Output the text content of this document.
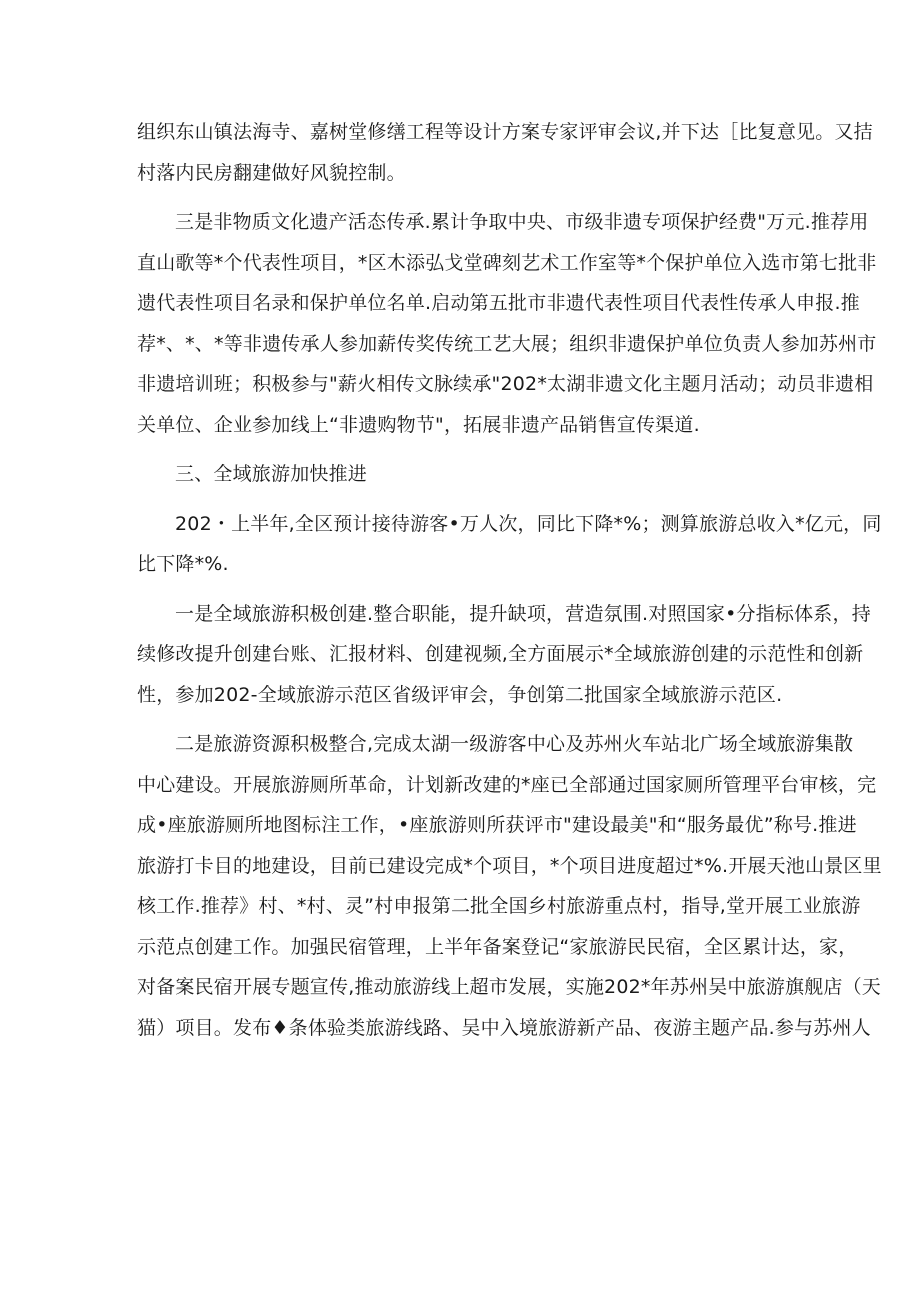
组织东山镇法海寺、嘉树堂修缮工程等设计方案专家评审会议,并下达［比复意见。又拮
村落内民房翻建做好风貌控制。
三是非物质文化遗产活态传承.累计争取中央、市级非遗专项保护经费"万元.推荐用
直山歌等*个代表性项目，*区木添弘戈堂碑刻艺术工作室等*个保护单位入选市第七批非
遗代表性项目名录和保护单位名单.启动第五批市非遗代表性项目代表性传承人申报.推
荐*、*、*等非遗传承人参加薪传奖传统工艺大展；组织非遗保护单位负责人参加苏州市
非遗培训班；积极参与"薪火相传文脉续承"202*太湖非遗文化主题月活动；动员非遗相
关单位、企业参加线上“非遗购物节"，拓展非遗产品销售宣传渠道.
三、全域旅游加快推进
202・上半年,全区预计接待游客•万人次，同比下降*%；测算旅游总收入*亿元，同
比下降*%.
一是全域旅游积极创建.整合职能，提升缺项，营造氛围.对照国家•分指标体系，持
续修改提升创建台账、汇报材料、创建视频,全方面展示*全域旅游创建的示范性和创新
性，参加202-全域旅游示范区省级评审会，争创第二批国家全域旅游示范区.
二是旅游资源积极整合,完成太湖一级游客中心及苏州火车站北广场全域旅游集散
中心建设。开展旅游厕所革命，计划新改建的*座已全部通过国家厕所管理平台审核，完
成•座旅游厕所地图标注工作，•座旅游则所获评市"建设最美"和“服务最优”称号.推进
旅游打卡目的地建设，目前已建设完成*个项目，*个项目进度超过*%.开展天池山景区里
核工作.推荐》村、*村、灵”村申报第二批全国乡村旅游重点村，指导,堂开展工业旅游
示范点创建工作。加强民宿管理，上半年备案登记“家旅游民民宿，全区累计达，家，
对备案民宿开展专题宣传,推动旅游线上超市发展，实施202*年苏州吴中旅游旗舰店（天
猫）项目。发布♦条体验类旅游线路、吴中入境旅游新产品、夜游主题产品.参与苏州人
